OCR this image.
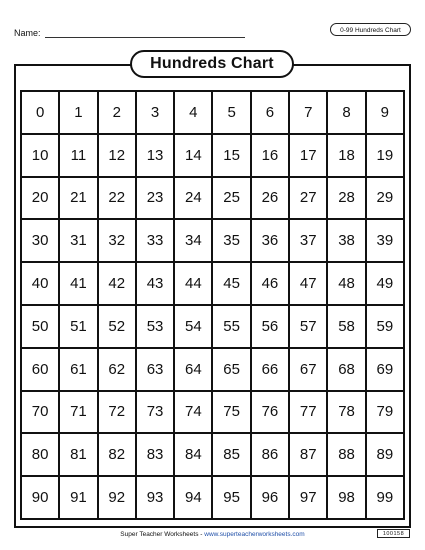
Name:	0-99 Hundreds Chart
Hundreds Chart
0	1	2	3	4	5	6	7	8	9
10	11	12	13	14	15	16	17	18	19
20	21	22	23	24	25	26	27	28	29
30	31	32	33	34	35	36	37	38	39
40	41	42	43	44	45	46	47	48	49
50	51	52	53	54	55	56	57	58	59
60	61	62	63	64	65	66	67	68	69
70	71	72	73	74	75	76	77	78	79
80	81	82	83	84	85	86	87	88	89
90	91	92	93	94	95	96	97	98	99
Super Teacher Worksheets - www.superteacherworksheets.com	100158
